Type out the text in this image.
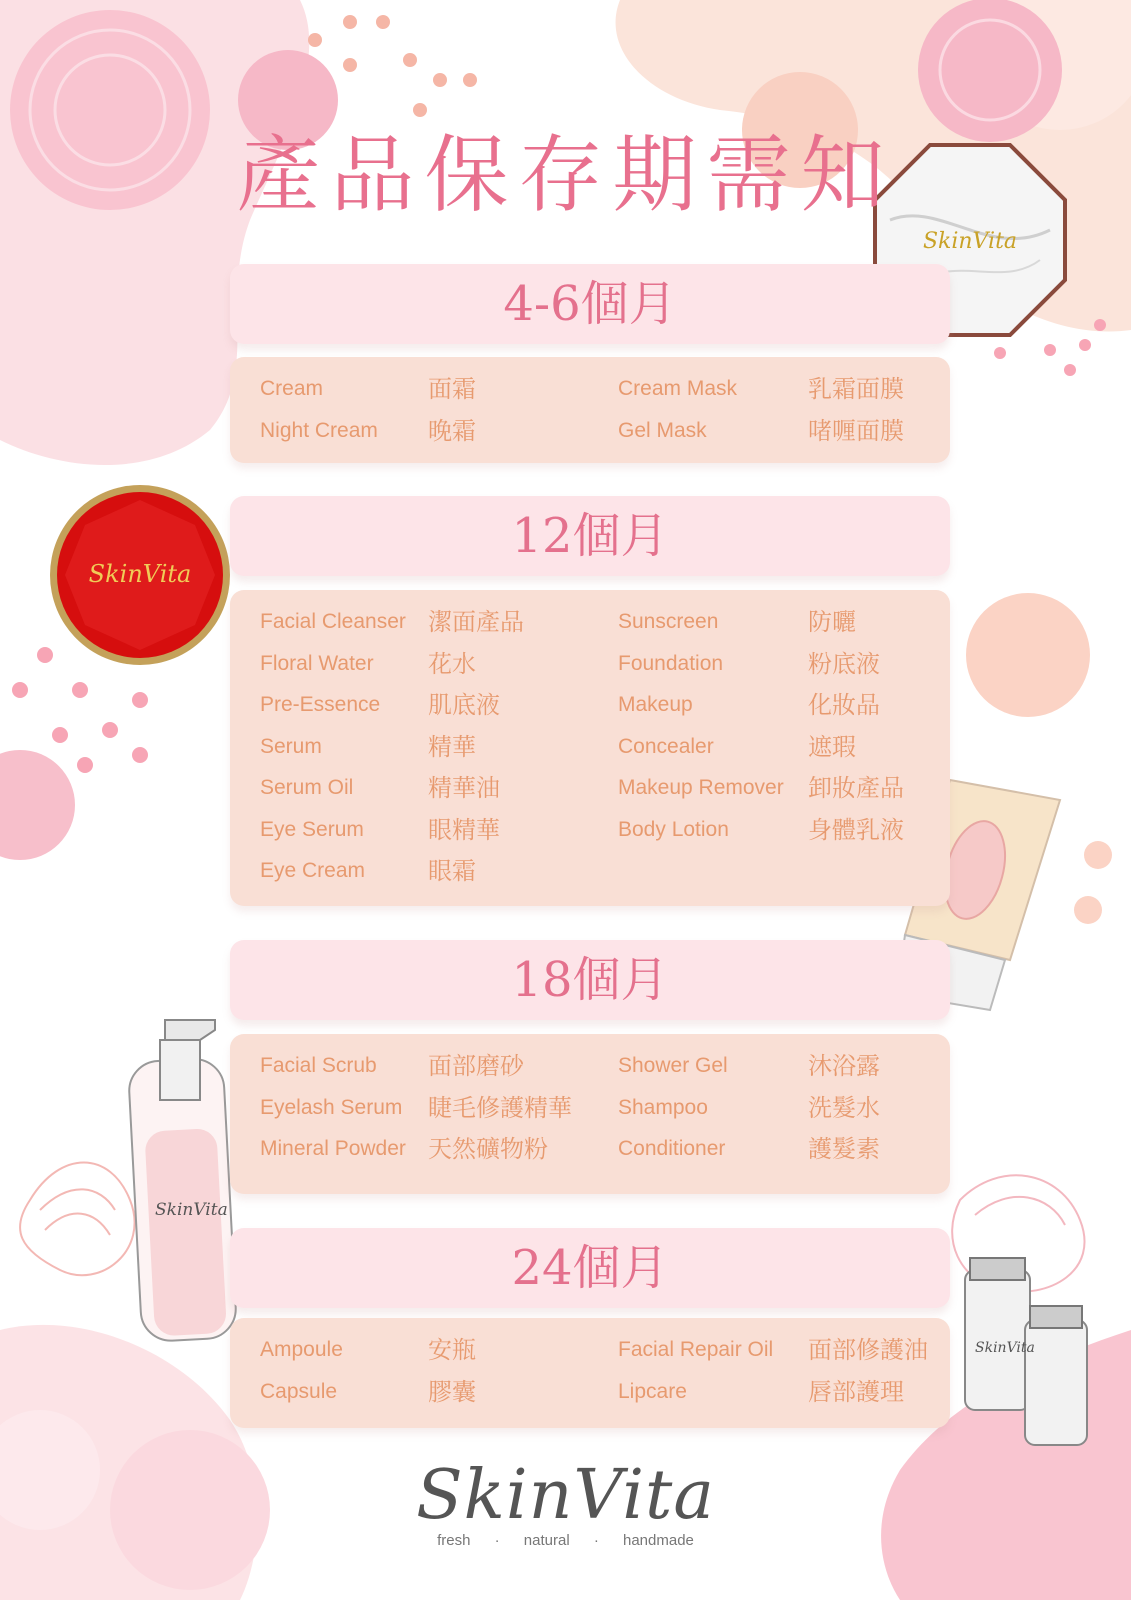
SkinVita
SkinVita
產品保存期需知
4-6個月
Cream	面霜	Cream Mask	乳霜面膜
Night Cream 晚霜	Gel Mask	啫喱面膜
12個月
Facial Cleanser 潔面產品	Sunscreen	防曬
Floral Water 花水	Foundation	粉底液
Pre-Essence 肌底液	Makeup	化妝品
Serum	精華	Concealer	遮瑕
Serum Oil	精華油	Makeup Remover 卸妝產品
Eye Serum	眼精華	Body Lotion	身體乳液
Eye Cream	眼霜
18個月
Facial Scrub 面部磨砂	Shower Gel	沐浴露
Eyelash Serum 睫毛修護精華 Shampoo	洗髮水
Mineral Powder 天然礦物粉	Conditioner	護髮素
24個月
Ampoule	安瓶	Facial Repair Oil 面部修護油
Capsule	膠囊	Lipcare	唇部護理
SkinVita
fresh · natural · handmade
SkinVita
SkinVita
